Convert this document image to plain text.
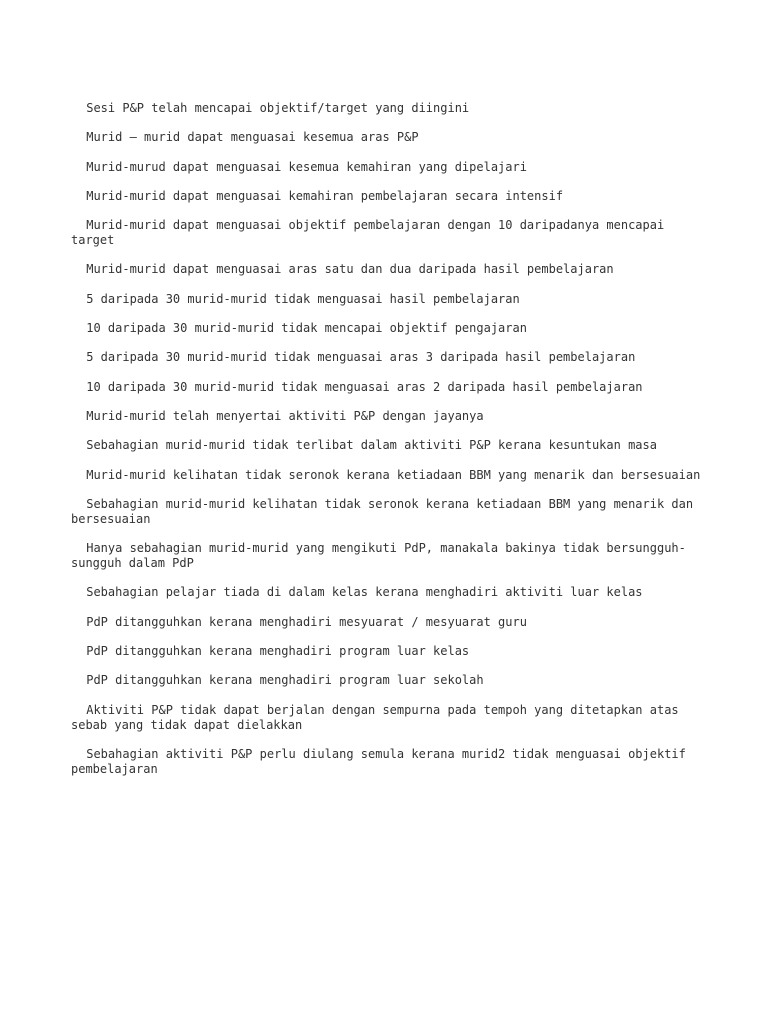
Sesi P&P telah mencapai objektif/target yang diingini
Murid – murid dapat menguasai kesemua aras P&P
Murid-murud dapat menguasai kesemua kemahiran yang dipelajari
Murid-murid dapat menguasai kemahiran pembelajaran secara intensif
Murid-murid dapat menguasai objektif pembelajaran dengan 10 daripadanya mencapai target
Murid-murid dapat menguasai aras satu dan dua daripada hasil pembelajaran
5 daripada 30 murid-murid tidak menguasai hasil pembelajaran
10 daripada 30 murid-murid tidak mencapai objektif pengajaran
5 daripada 30 murid-murid tidak menguasai aras 3 daripada hasil pembelajaran
10 daripada 30 murid-murid tidak menguasai aras 2 daripada hasil pembelajaran
Murid-murid telah menyertai aktiviti P&P dengan jayanya
Sebahagian murid-murid tidak terlibat dalam aktiviti P&P kerana kesuntukan masa
Murid-murid kelihatan tidak seronok kerana ketiadaan BBM yang menarik dan bersesuaian
Sebahagian murid-murid kelihatan tidak seronok kerana ketiadaan BBM yang menarik dan bersesuaian
Hanya sebahagian murid-murid yang mengikuti PdP, manakala bakinya tidak bersungguh-sungguh dalam PdP
Sebahagian pelajar tiada di dalam kelas kerana menghadiri aktiviti luar kelas
PdP ditangguhkan kerana menghadiri mesyuarat / mesyuarat guru
PdP ditangguhkan kerana menghadiri program luar kelas
PdP ditangguhkan kerana menghadiri program luar sekolah
Aktiviti P&P tidak dapat berjalan dengan sempurna pada tempoh yang ditetapkan atas sebab yang tidak dapat dielakkan
Sebahagian aktiviti P&P perlu diulang semula kerana murid2 tidak menguasai objektif pembelajaran
